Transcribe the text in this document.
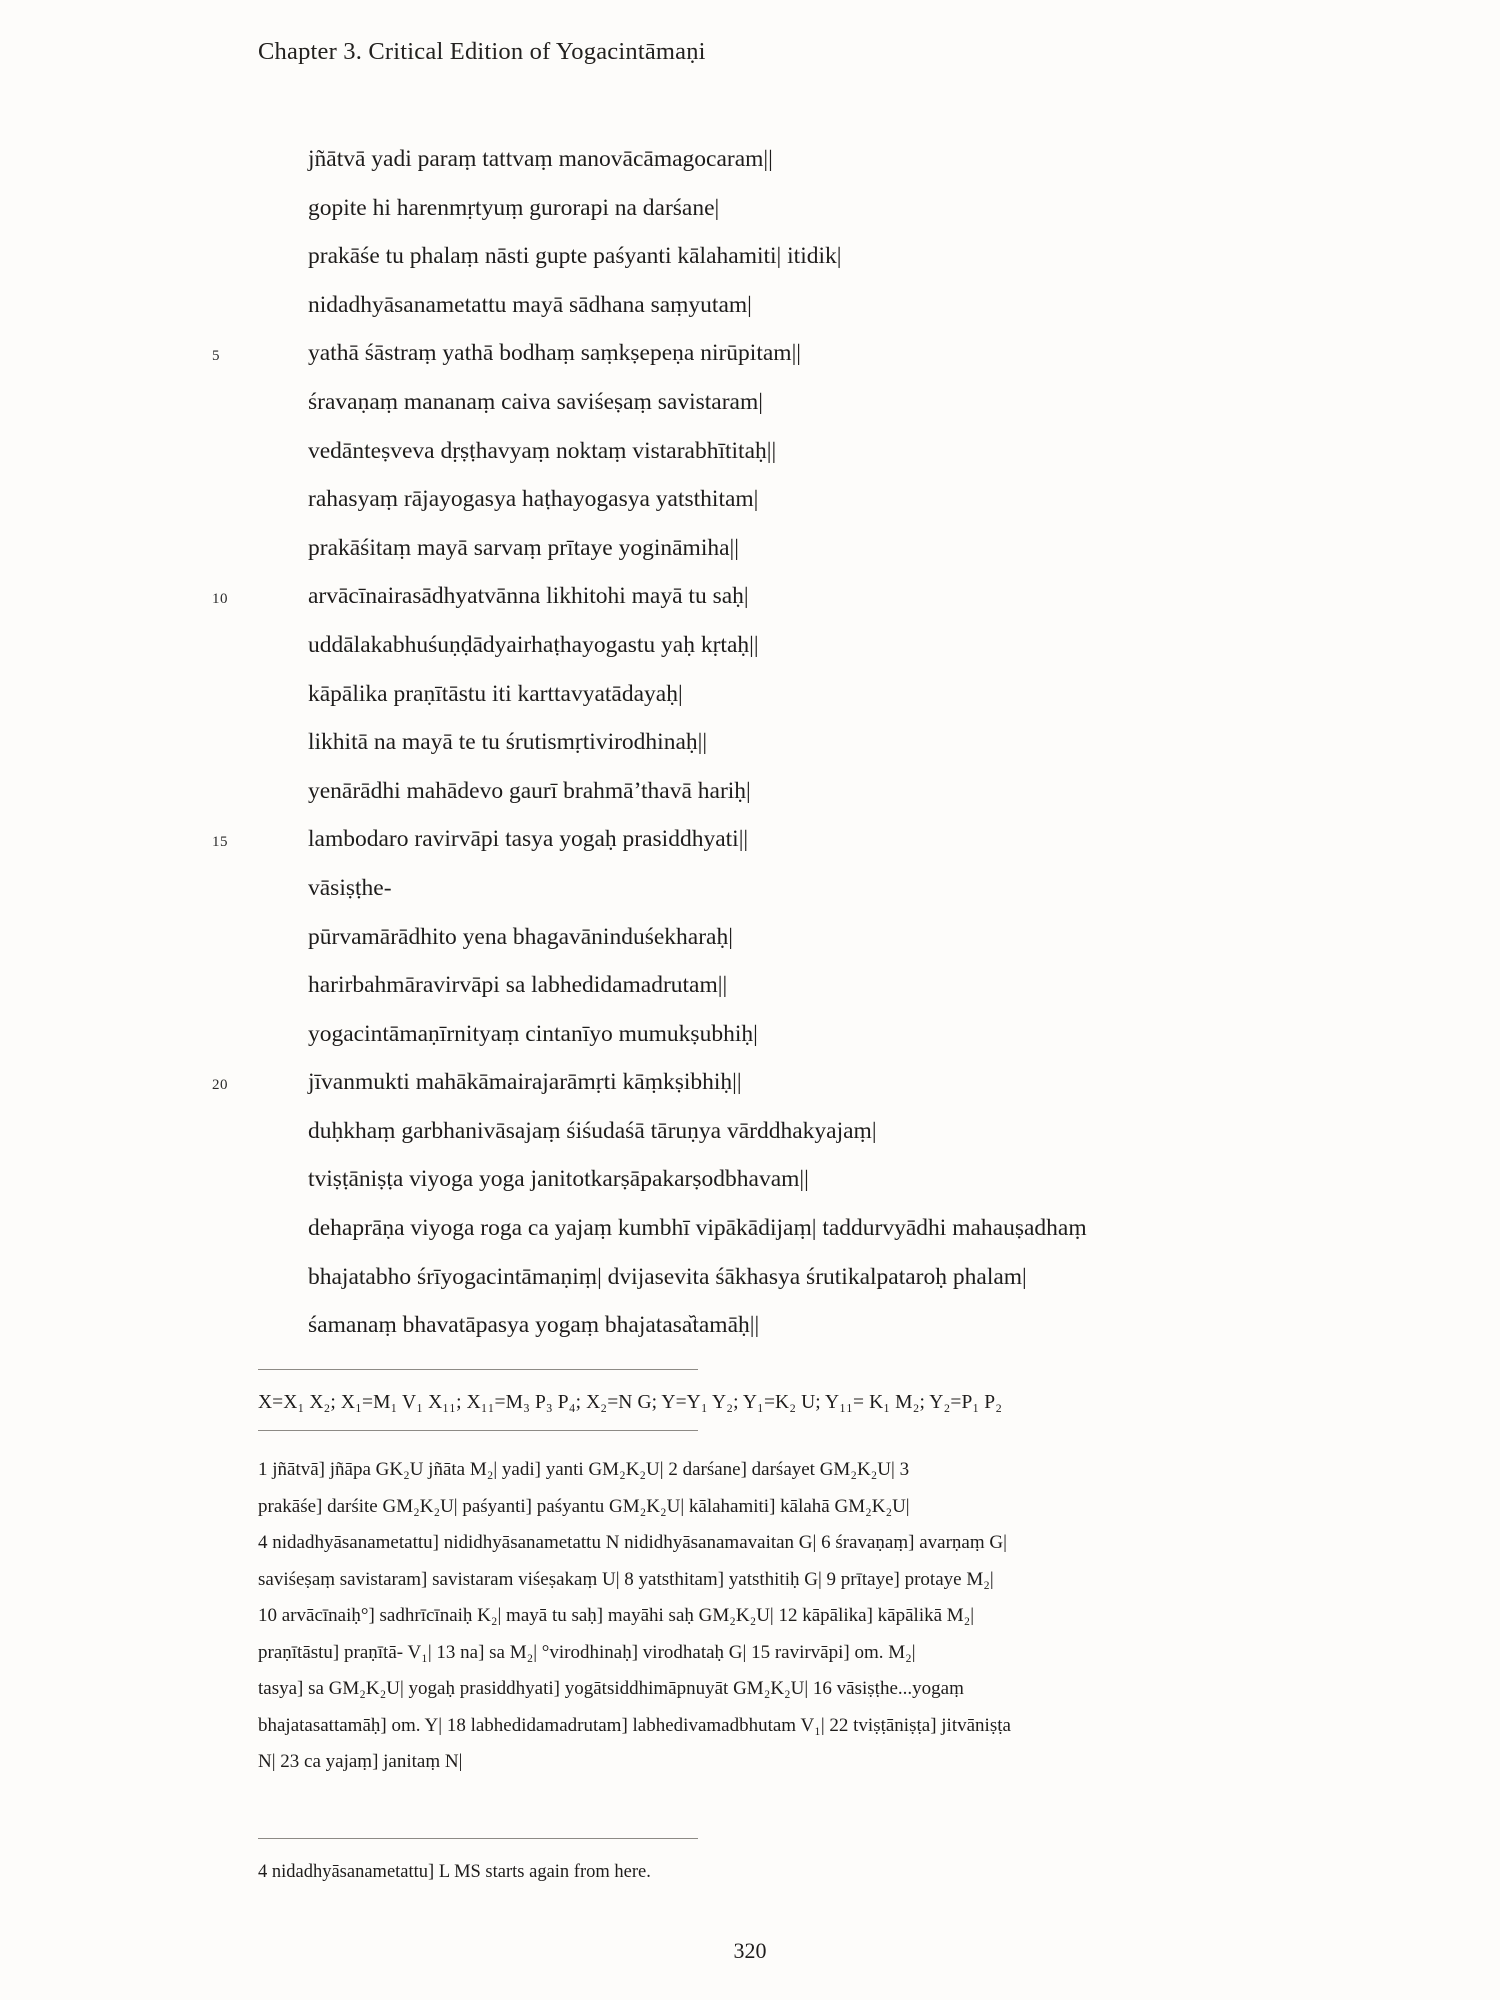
Chapter 3. Critical Edition of Yogacintāmaṇi
jñātvā yadi paraṃ tattvaṃ manovācāmagocaram||
gopite hi harenmṛtyuṃ gurorapi na darśane|
prakāśe tu phalaṃ nāsti gupte paśyanti kālahamiti| itidik|
nidadhyāsanametattu mayā sādhana saṃyutam|
5	yathā śāstraṃ yathā bodhaṃ saṃkṣepeṇa nirūpitam||
śravaṇaṃ mananaṃ caiva saviśeṣaṃ savistaram|
vedānteṣveva dṛṣṭhavyaṃ noktaṃ vistarabhītitaḥ||
rahasyaṃ rājayogasya haṭhayogasya yatsthitam|
prakāśitaṃ mayā sarvaṃ prītaye yogināmiha||
10	arvācīnairasādhyatvānna likhitohi mayā tu saḥ|
uddālakabhuśuṇḍādyairhaṭhayogastu yaḥ kṛtaḥ||
kāpālika praṇītāstu iti karttavyatādayaḥ|
likhitā na mayā te tu śrutismṛtivirodhinaḥ||
yenārādhi mahādevo gaurī brahmā’thavā hariḥ|
15	lambodaro ravirvāpi tasya yogaḥ prasiddhyati||
vāsiṣṭhe-
pūrvamārādhito yena bhagavāninduśekharaḥ|
harirbahmāravirvāpi sa labhedidamadrutam||
yogacintāmaṇīrnityaṃ cintanīyo mumukṣubhiḥ|
20	jīvanmukti mahākāmairajarāmṛti kāṃkṣibhiḥ||
duḥkhaṃ garbhanivāsajaṃ śiśudaśā tāruṇya vārddhakyajaṃ|
tviṣṭāniṣṭa viyoga yoga janitotkarṣāpakarṣodbhavam||
dehaprāṇa viyoga roga ca yajaṃ kumbhī vipākādijaṃ| taddurvyādhi mahauṣadhaṃ
bhajatabho śrīyogacintāmaṇiṃ| dvijasevita śākhasya śrutikalpataroḥ phalam|
śamanaṃ bhavatāpasya yogaṃ bhajatasa᷈tamāḥ||
X=X₁ X₂; X₁=M₁ V₁ X₁₁; X₁₁=M₃ P₃ P₄; X₂=N G; Y=Y₁ Y₂; Y₁=K₂ U; Y₁₁= K₁ M₂; Y₂=P₁ P₂
1 jñātvā] jñāpa GK₂U jñāta M₂| yadi] yanti GM₂K₂U| 2 darśane] darśayet GM₂K₂U| 3
prakāśe] darśite GM₂K₂U| paśyanti] paśyantu GM₂K₂U| kālahamiti] kālahā GM₂K₂U|
4 nidadhyāsanametattu] nididhyāsanametattu N nididhyāsanamavaitan G| 6 śravaṇaṃ] avarṇaṃ G|
saviśeṣaṃ savistaram] savistaram viśeṣakaṃ U| 8 yatsthitam] yatsthitiḥ G| 9 prītaye] protaye M₂|
10 arvācīnaiḥ°] sadhrīcīnaiḥ K₂| mayā tu saḥ] mayāhi saḥ GM₂K₂U| 12 kāpālika] kāpālikā M₂|
praṇītāstu] praṇītā- V₁| 13 na] sa M₂| °virodhinaḥ] virodhataḥ G| 15 ravirvāpi] om. M₂|
tasya] sa GM₂K₂U| yogaḥ prasiddhyati] yogātsiddhimāpnuyāt GM₂K₂U| 16 vāsiṣṭhe...yogaṃ
bhajatasattamāḥ] om. Y| 18 labhedidamadrutam] labhedivamadbhutam V₁| 22 tviṣṭāniṣṭa] jitvāniṣṭa
N| 23 ca yajaṃ] janitaṃ N|
4 nidadhyāsanametattu] L MS starts again from here.
320
